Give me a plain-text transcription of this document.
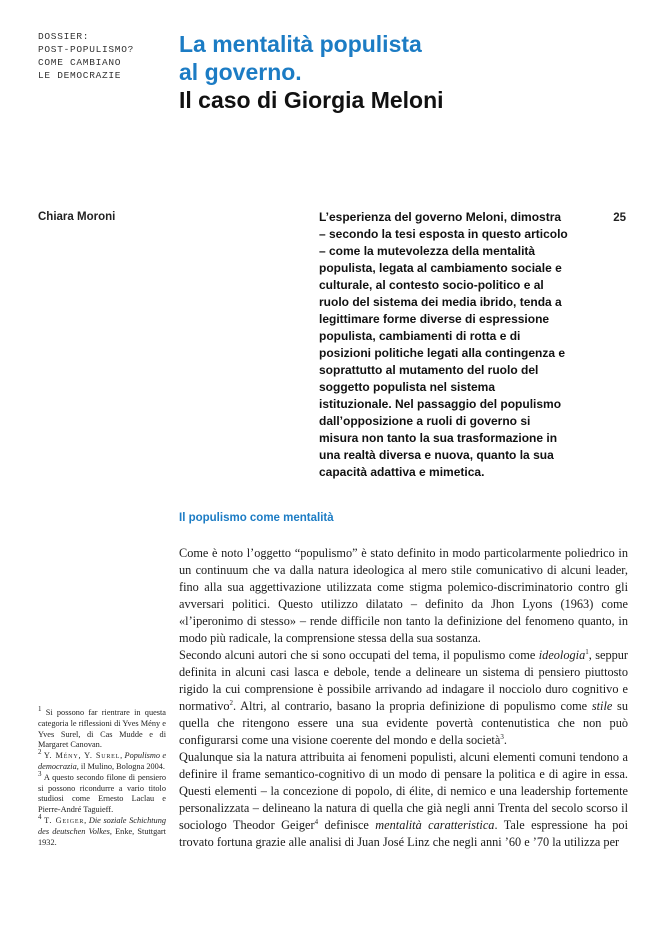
DOSSIER:
POST-POPULISMO?
COME CAMBIANO
LE DEMOCRAZIE
La mentalità populista
al governo.
Il caso di Giorgia Meloni
Chiara Moroni	25

L’esperienza del governo Meloni, dimostra – secondo la tesi esposta in questo articolo – come la mutevolezza della mentalità populista, legata al cambiamento sociale e culturale, al contesto socio-politico e al ruolo del sistema dei media ibrido, tenda a legittimare forme diverse di espressione populista, cambiamenti di rotta e di posizioni politiche legati alla contingenza e soprattutto al mutamento del ruolo del soggetto populista nel sistema istituzionale. Nel passaggio del populismo dall’opposizione a ruoli di governo si misura non tanto la sua trasformazione in una realtà diversa e nuova, quanto la sua capacità adattiva e mimetica.

Il populismo come mentalità

Come è noto l’oggetto “populismo” è stato definito in modo particolarmente poliedrico in un continuum che va dalla natura ideologica al mero stile comunicativo di alcuni leader, fino alla sua aggettivazione utilizzata come stigma polemico-discriminatorio contro gli avversari politici. Questo utilizzo dilatato – definito da Jhon Lyons (1963) come «l’iperonimo di stesso» – rende difficile non tanto la definizione del fenomeno quanto, in modo più radicale, la comprensione stessa della sua sostanza.

Secondo alcuni autori che si sono occupati del tema, il populismo come ideologia$^1$, seppur definita in alcuni casi lasca e debole, tende a delineare un sistema di pensiero piuttosto rigido la cui comprensione è possibile arrivando ad indagare il nocciolo duro cognitivo e normativo$^2$. Altri, al contrario, basano la propria definizione di populismo come stile su quella che ritengono essere una sua evidente povertà contenutistica che non può configurarsi come una visione coerente del mondo e della società$^3$.

Qualunque sia la natura attribuita ai fenomeni populisti, alcuni elementi comuni tendono a definire il frame semantico-cognitivo di un modo di pensare la politica e di agire in essa. Questi elementi – la concezione di popolo, di élite, di nemico e una leadership fortemente personalizzata – delineano la natura di quella che già negli anni Trenta del secolo scorso il sociologo Theodor Geiger$^4$ definisce mentalità caratteristica. Tale espressione ha poi trovato fortuna grazie alle analisi di Juan José Linz che negli anni ’60 e ’70 la utilizza per

$^1$ Si possono far rientrare in questa categoria le riflessioni di Yves Mény e Yves Surel, di Cas Mudde e di Margaret Canovan.

$^2$ Y. Mény, Y. Surel, Populismo e democrazia, il Mulino, Bologna 2004.

$^3$ A questo secondo filone di pensiero si possono ricondurre a vario titolo studiosi come Ernesto Laclau e Pierre-André Taguieff.

$^4$ T. Geiger, Die soziale Schichtung des deutschen Volkes, Enke, Stuttgart 1932.
